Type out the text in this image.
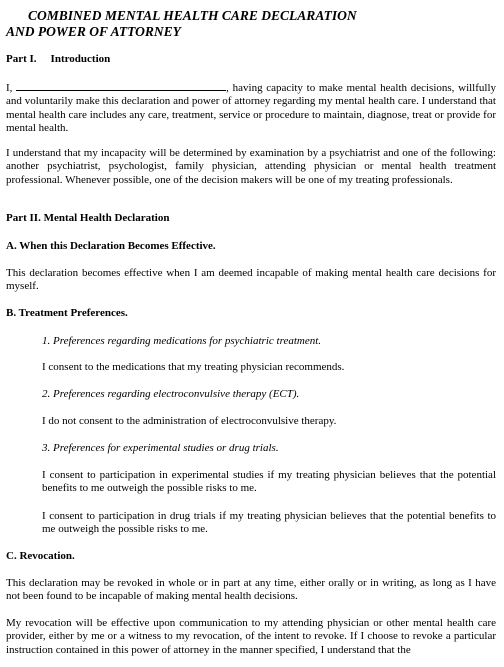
COMBINED MENTAL HEALTH CARE DECLARATION
AND POWER OF ATTORNEY
Part I. Introduction
I,	, having capacity to make mental health decisions, willfully and voluntarily make this declaration and power of attorney regarding my mental health care. I understand that mental health care includes any care, treatment, service or procedure to maintain, diagnose, treat or provide for mental health.
I understand that my incapacity will be determined by examination by a psychiatrist and one of the following: another psychiatrist, psychologist, family physician, attending physician or mental health treatment professional. Whenever possible, one of the decision makers will be one of my treating professionals.
Part II. Mental Health Declaration
A. When this Declaration Becomes Effective.
This declaration becomes effective when I am deemed incapable of making mental health care decisions for myself.
B. Treatment Preferences.
1. Preferences regarding medications for psychiatric treatment.
I consent to the medications that my treating physician recommends.
2. Preferences regarding electroconvulsive therapy (ECT).
I do not consent to the administration of electroconvulsive therapy.
3. Preferences for experimental studies or drug trials.
I consent to participation in experimental studies if my treating physician believes that the potential benefits to me outweigh the possible risks to me.
I consent to participation in drug trials if my treating physician believes that the potential benefits to me outweigh the possible risks to me.
C. Revocation.
This declaration may be revoked in whole or in part at any time, either orally or in writing, as long as I have not been found to be incapable of making mental health decisions.
My revocation will be effective upon communication to my attending physician or other mental health care provider, either by me or a witness to my revocation, of the intent to revoke. If I choose to revoke a particular instruction contained in this power of attorney in the manner specified, I understand that the
